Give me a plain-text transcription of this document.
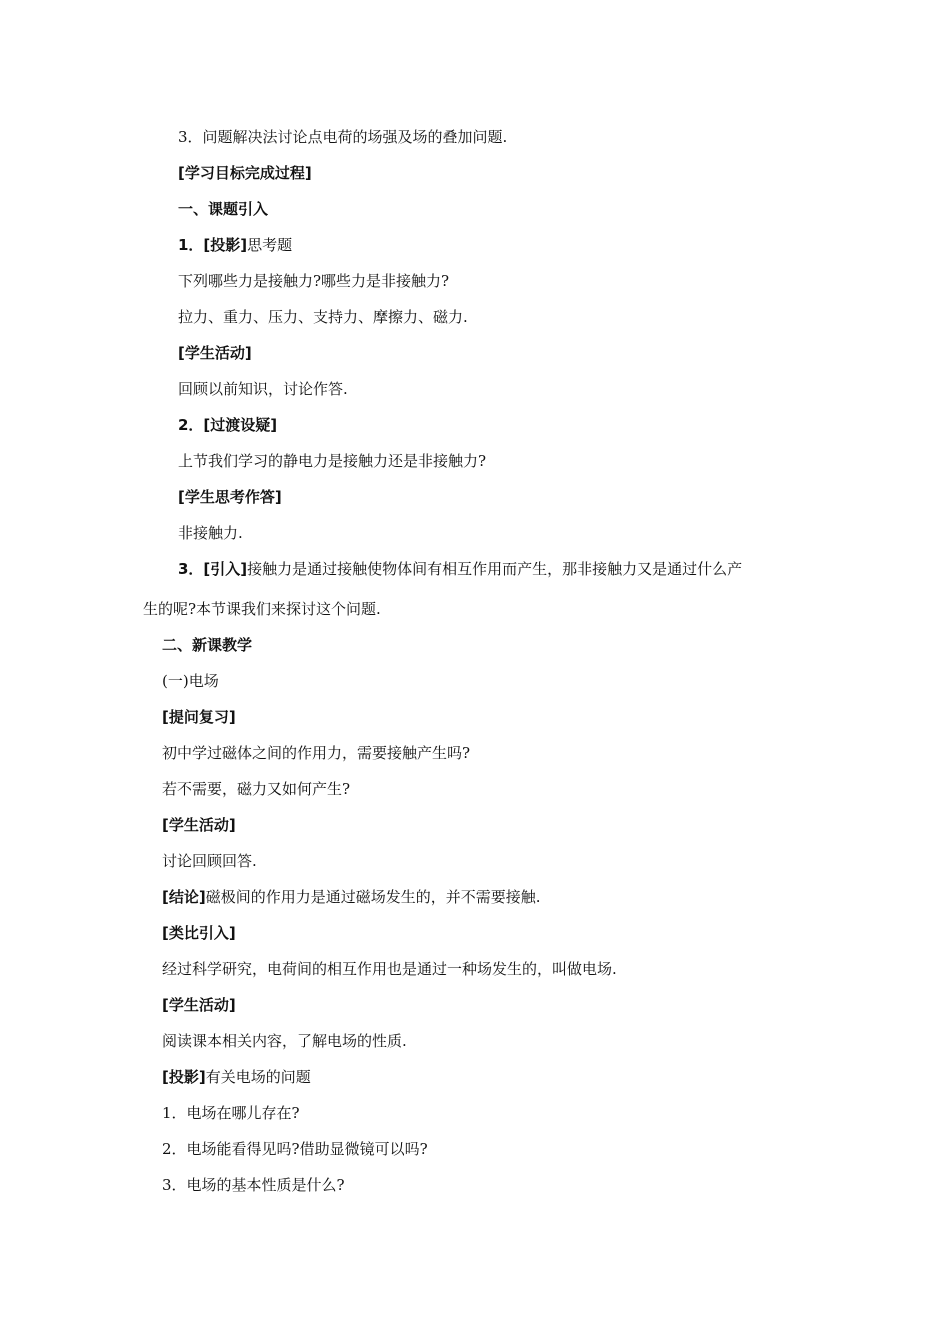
3．问题解决法讨论点电荷的场强及场的叠加问题.
[学习目标完成过程]
一、课题引入
1．[投影]思考题
下列哪些力是接触力?哪些力是非接触力?
拉力、重力、压力、支持力、摩擦力、磁力.
[学生活动]
回顾以前知识，讨论作答.
2．[过渡设疑]
上节我们学习的静电力是接触力还是非接触力?
[学生思考作答]
非接触力.
3．[引入]接触力是通过接触使物体间有相互作用而产生，那非接触力又是通过什么产
生的呢?本节课我们来探讨这个问题.
二、新课教学
(一)电场
[提问复习]
初中学过磁体之间的作用力，需要接触产生吗?
若不需要，磁力又如何产生?
[学生活动]
讨论回顾回答.
[结论]磁极间的作用力是通过磁场发生的，并不需要接触.
[类比引入]
经过科学研究，电荷间的相互作用也是通过一种场发生的，叫做电场.
[学生活动]
阅读课本相关内容，了解电场的性质.
[投影]有关电场的问题
1．电场在哪儿存在?
2．电场能看得见吗?借助显微镜可以吗?
3．电场的基本性质是什么?
